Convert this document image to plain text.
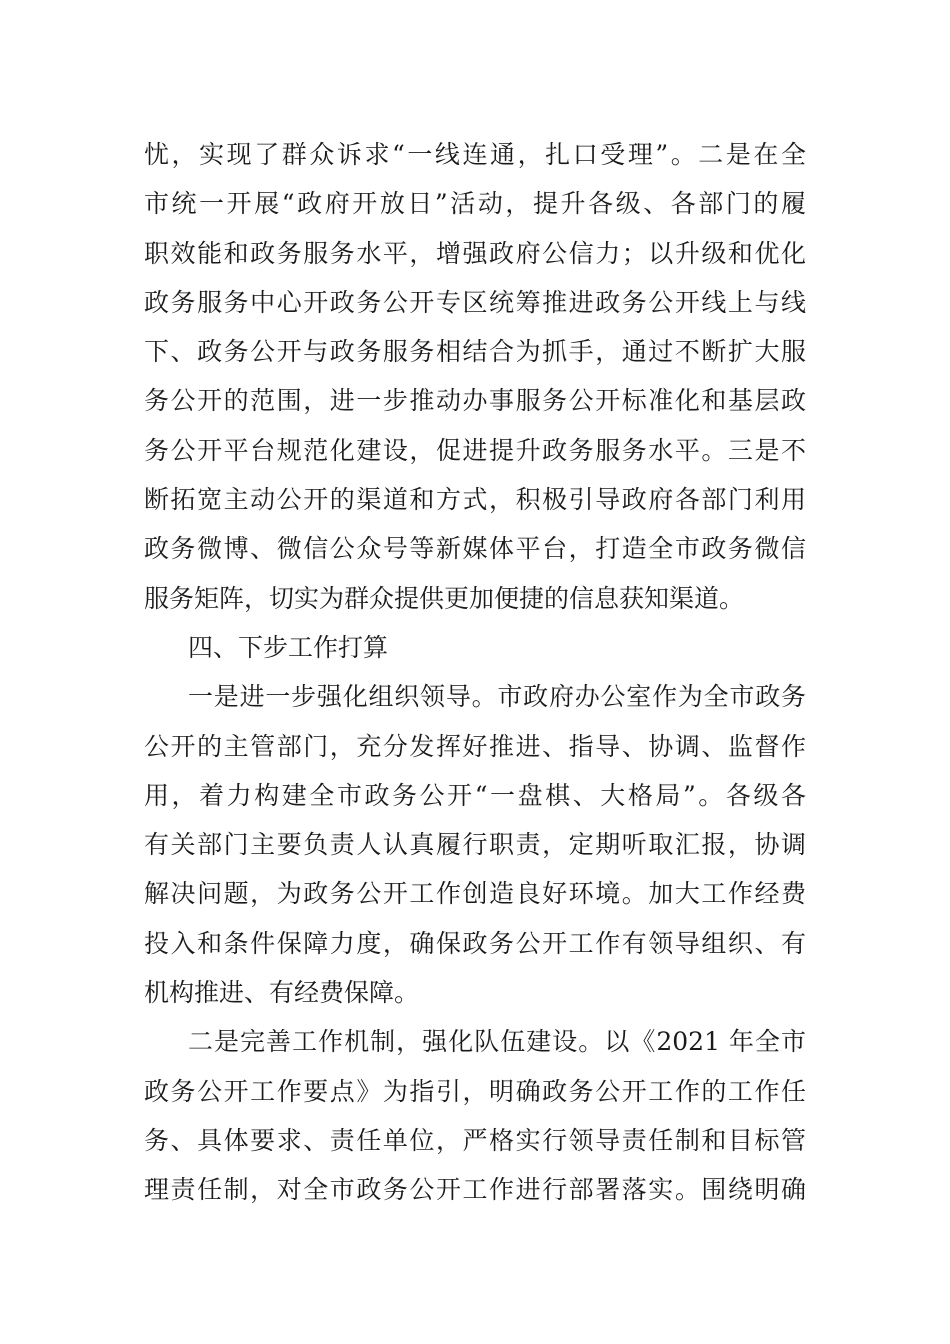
忧，实现了群众诉求“一线连通，扎口受理”。二是在全
市统一开展“政府开放日”活动，提升各级、各部门的履
职效能和政务服务水平，增强政府公信力；以升级和优化
政务服务中心开政务公开专区统筹推进政务公开线上与线
下、政务公开与政务服务相结合为抓手，通过不断扩大服
务公开的范围，进一步推动办事服务公开标准化和基层政
务公开平台规范化建设，促进提升政务服务水平。三是不
断拓宽主动公开的渠道和方式，积极引导政府各部门利用
政务微博、微信公众号等新媒体平台，打造全市政务微信
服务矩阵，切实为群众提供更加便捷的信息获知渠道。
四、下步工作打算
一是进一步强化组织领导。市政府办公室作为全市政务
公开的主管部门，充分发挥好推进、指导、协调、监督作
用，着力构建全市政务公开“一盘棋、大格局”。各级各
有关部门主要负责人认真履行职责，定期听取汇报，协调
解决问题，为政务公开工作创造良好环境。加大工作经费
投入和条件保障力度，确保政务公开工作有领导组织、有
机构推进、有经费保障。
二是完善工作机制，强化队伍建设。以《2021 年全市
政务公开工作要点》为指引，明确政务公开工作的工作任
务、具体要求、责任单位，严格实行领导责任制和目标管
理责任制，对全市政务公开工作进行部署落实。围绕明确
